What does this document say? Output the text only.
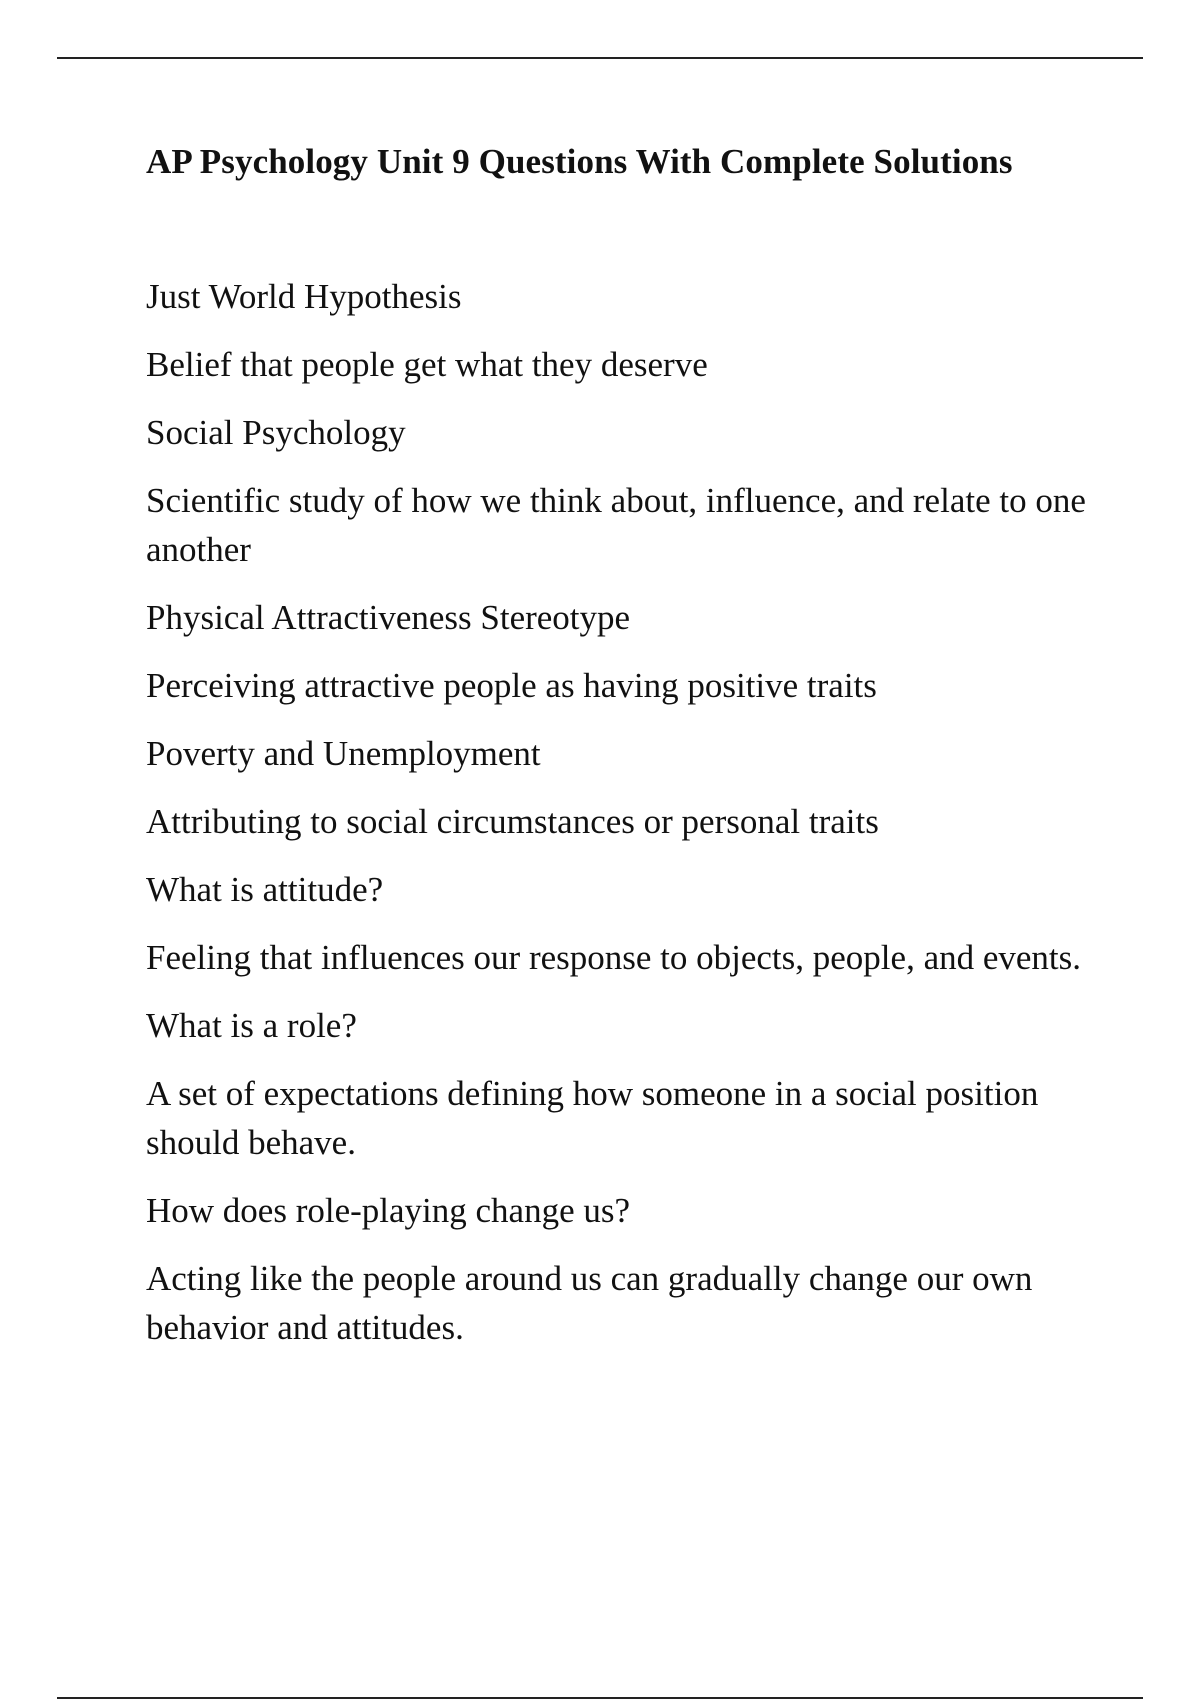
AP Psychology Unit 9 Questions With Complete Solutions

Just World Hypothesis

Belief that people get what they deserve

Social Psychology

Scientific study of how we think about, influence, and relate to one another

Physical Attractiveness Stereotype

Perceiving attractive people as having positive traits

Poverty and Unemployment

Attributing to social circumstances or personal traits

What is attitude?

Feeling that influences our response to objects, people, and events.

What is a role?

A set of expectations defining how someone in a social position should behave.

How does role-playing change us?

Acting like the people around us can gradually change our own behavior and attitudes.
